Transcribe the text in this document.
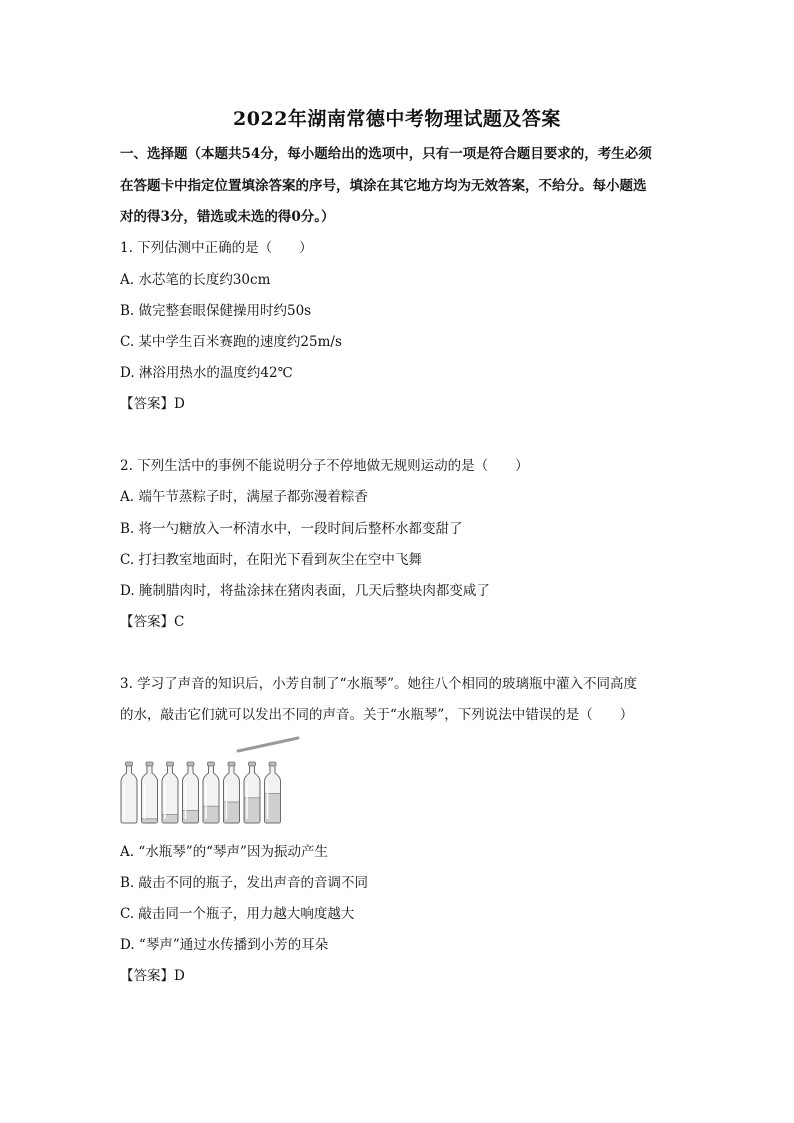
2022年湖南常德中考物理试题及答案
一、选择题（本题共54分，每小题给出的选项中，只有一项是符合题目要求的，考生必须
在答题卡中指定位置填涂答案的序号，填涂在其它地方均为无效答案，不给分。每小题选
对的得3分，错选或未选的得0分。）
1. 下列估测中正确的是（　　）
A. 水芯笔的长度约30cm
B. 做完整套眼保健操用时约50s
C. 某中学生百米赛跑的速度约25m/s
D. 淋浴用热水的温度约42℃
【答案】D
2. 下列生活中的事例不能说明分子不停地做无规则运动的是（　　）
A. 端午节蒸粽子时，满屋子都弥漫着粽香
B. 将一勺糖放入一杯清水中，一段时间后整杯水都变甜了
C. 打扫教室地面时，在阳光下看到灰尘在空中飞舞
D. 腌制腊肉时，将盐涂抹在猪肉表面，几天后整块肉都变咸了
【答案】C
3. 学习了声音的知识后，小芳自制了“水瓶琴”。她往八个相同的玻璃瓶中灌入不同高度
的水，敲击它们就可以发出不同的声音。关于“水瓶琴”，下列说法中错误的是（　　）
A. “水瓶琴”的“琴声”因为振动产生
B. 敲击不同的瓶子，发出声音的音调不同
C. 敲击同一个瓶子，用力越大响度越大
D. “琴声”通过水传播到小芳的耳朵
【答案】D
